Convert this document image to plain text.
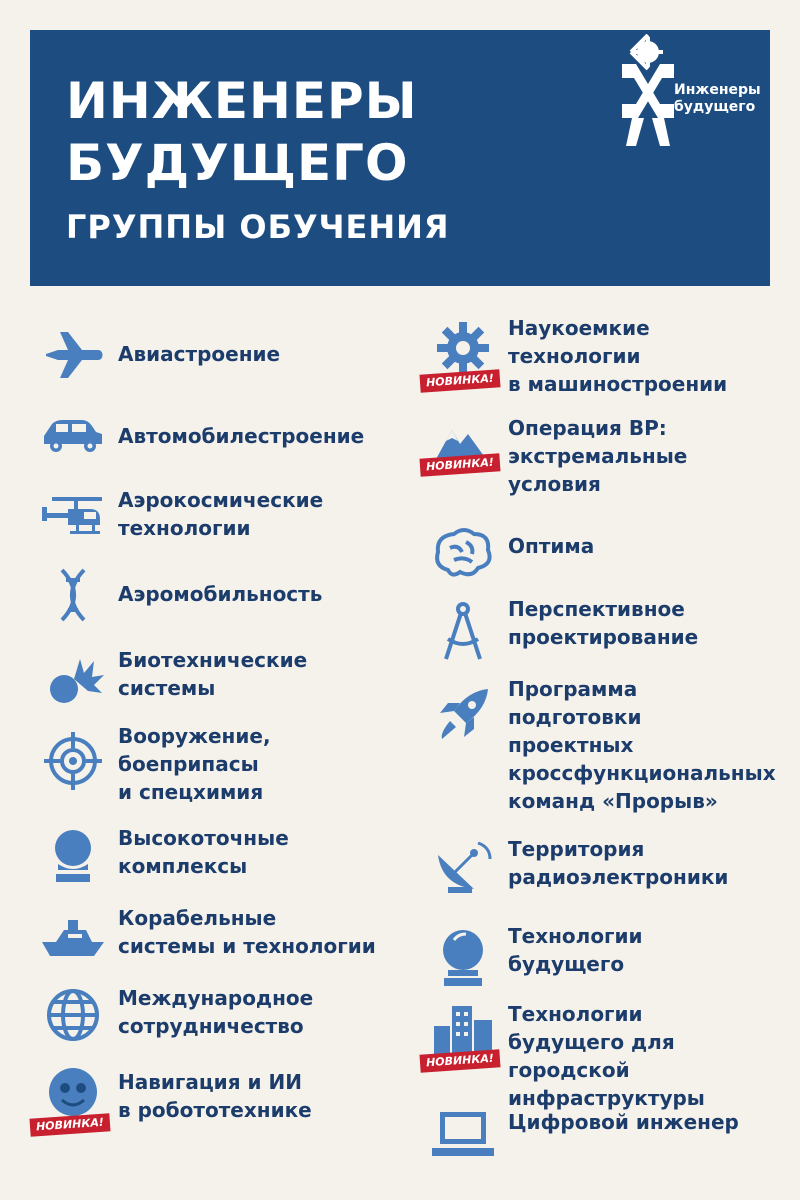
ИНЖЕНЕРЫ
БУДУЩЕГО
ГРУППЫ ОБУЧЕНИЯ
Инженеры
будущего
Авиастроение
Автомобилестроение
Аэрокосмические
технологии
Аэромобильность
Биотехнические
системы
Вооружение,
боеприпасы
и спецхимия
Высокоточные
комплексы
Корабельные
системы и технологии
Международное
сотрудничество
НОВИНКА!
Навигация и ИИ
в робототехнике
НОВИНКА!
Наукоемкие
технологии
в машиностроении
НОВИНКА!
Операция ВР:
экстремальные
условия
Оптима
Перспективное
проектирование
Программа
подготовки
проектных
кроссфункциональных
команд «Прорыв»
Территория
радиоэлектроники
Технологии
будущего
НОВИНКА!
Технологии
будущего для городской
инфраструктуры
Цифровой инженер
